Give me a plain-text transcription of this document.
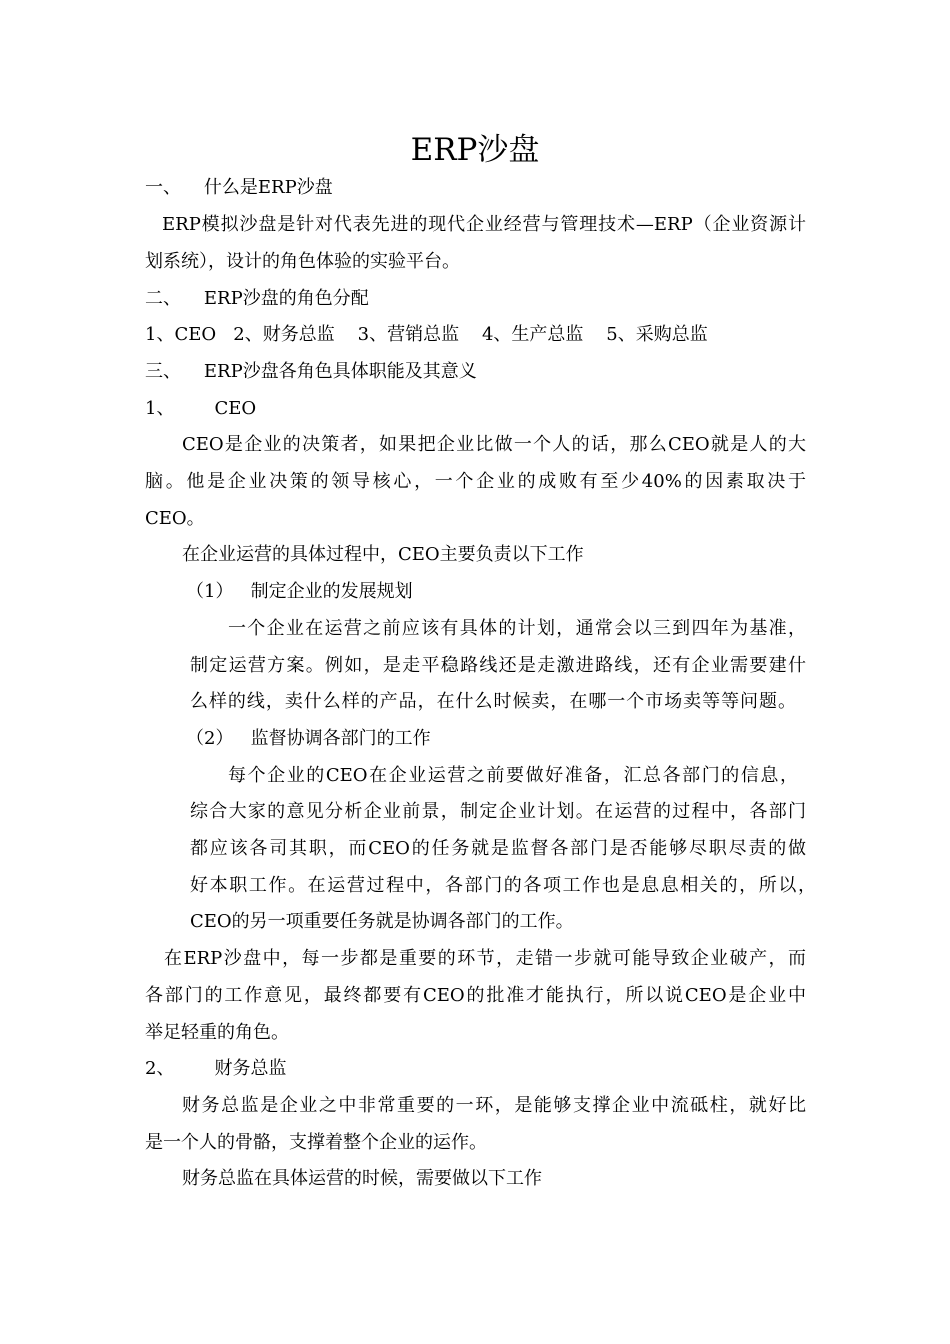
ERP沙盘
一、    什么是ERP沙盘
ERP模拟沙盘是针对代表先进的现代企业经营与管理技术—ERP（企业资源计
划系统），设计的角色体验的实验平台。
二、    ERP沙盘的角色分配
1、CEO   2、财务总监    3、营销总监    4、生产总监    5、采购总监
三、    ERP沙盘各角色具体职能及其意义
1、       CEO
CEO是企业的决策者，如果把企业比做一个人的话，那么CEO就是人的大
脑。他是企业决策的领导核心，一个企业的成败有至少40%的因素取决于
CEO。
在企业运营的具体过程中，CEO主要负责以下工作
（1）   制定企业的发展规划
一个企业在运营之前应该有具体的计划，通常会以三到四年为基准，
制定运营方案。例如，是走平稳路线还是走激进路线，还有企业需要建什
么样的线，卖什么样的产品，在什么时候卖，在哪一个市场卖等等问题。
（2）   监督协调各部门的工作
每个企业的CEO在企业运营之前要做好准备，汇总各部门的信息，
综合大家的意见分析企业前景，制定企业计划。在运营的过程中，各部门
都应该各司其职，而CEO的任务就是监督各部门是否能够尽职尽责的做
好本职工作。在运营过程中，各部门的各项工作也是息息相关的，所以，
CEO的另一项重要任务就是协调各部门的工作。
在ERP沙盘中，每一步都是重要的环节，走错一步就可能导致企业破产，而
各部门的工作意见，最终都要有CEO的批准才能执行，所以说CEO是企业中
举足轻重的角色。
2、       财务总监
财务总监是企业之中非常重要的一环，是能够支撑企业中流砥柱，就好比
是一个人的骨骼，支撑着整个企业的运作。
财务总监在具体运营的时候，需要做以下工作
